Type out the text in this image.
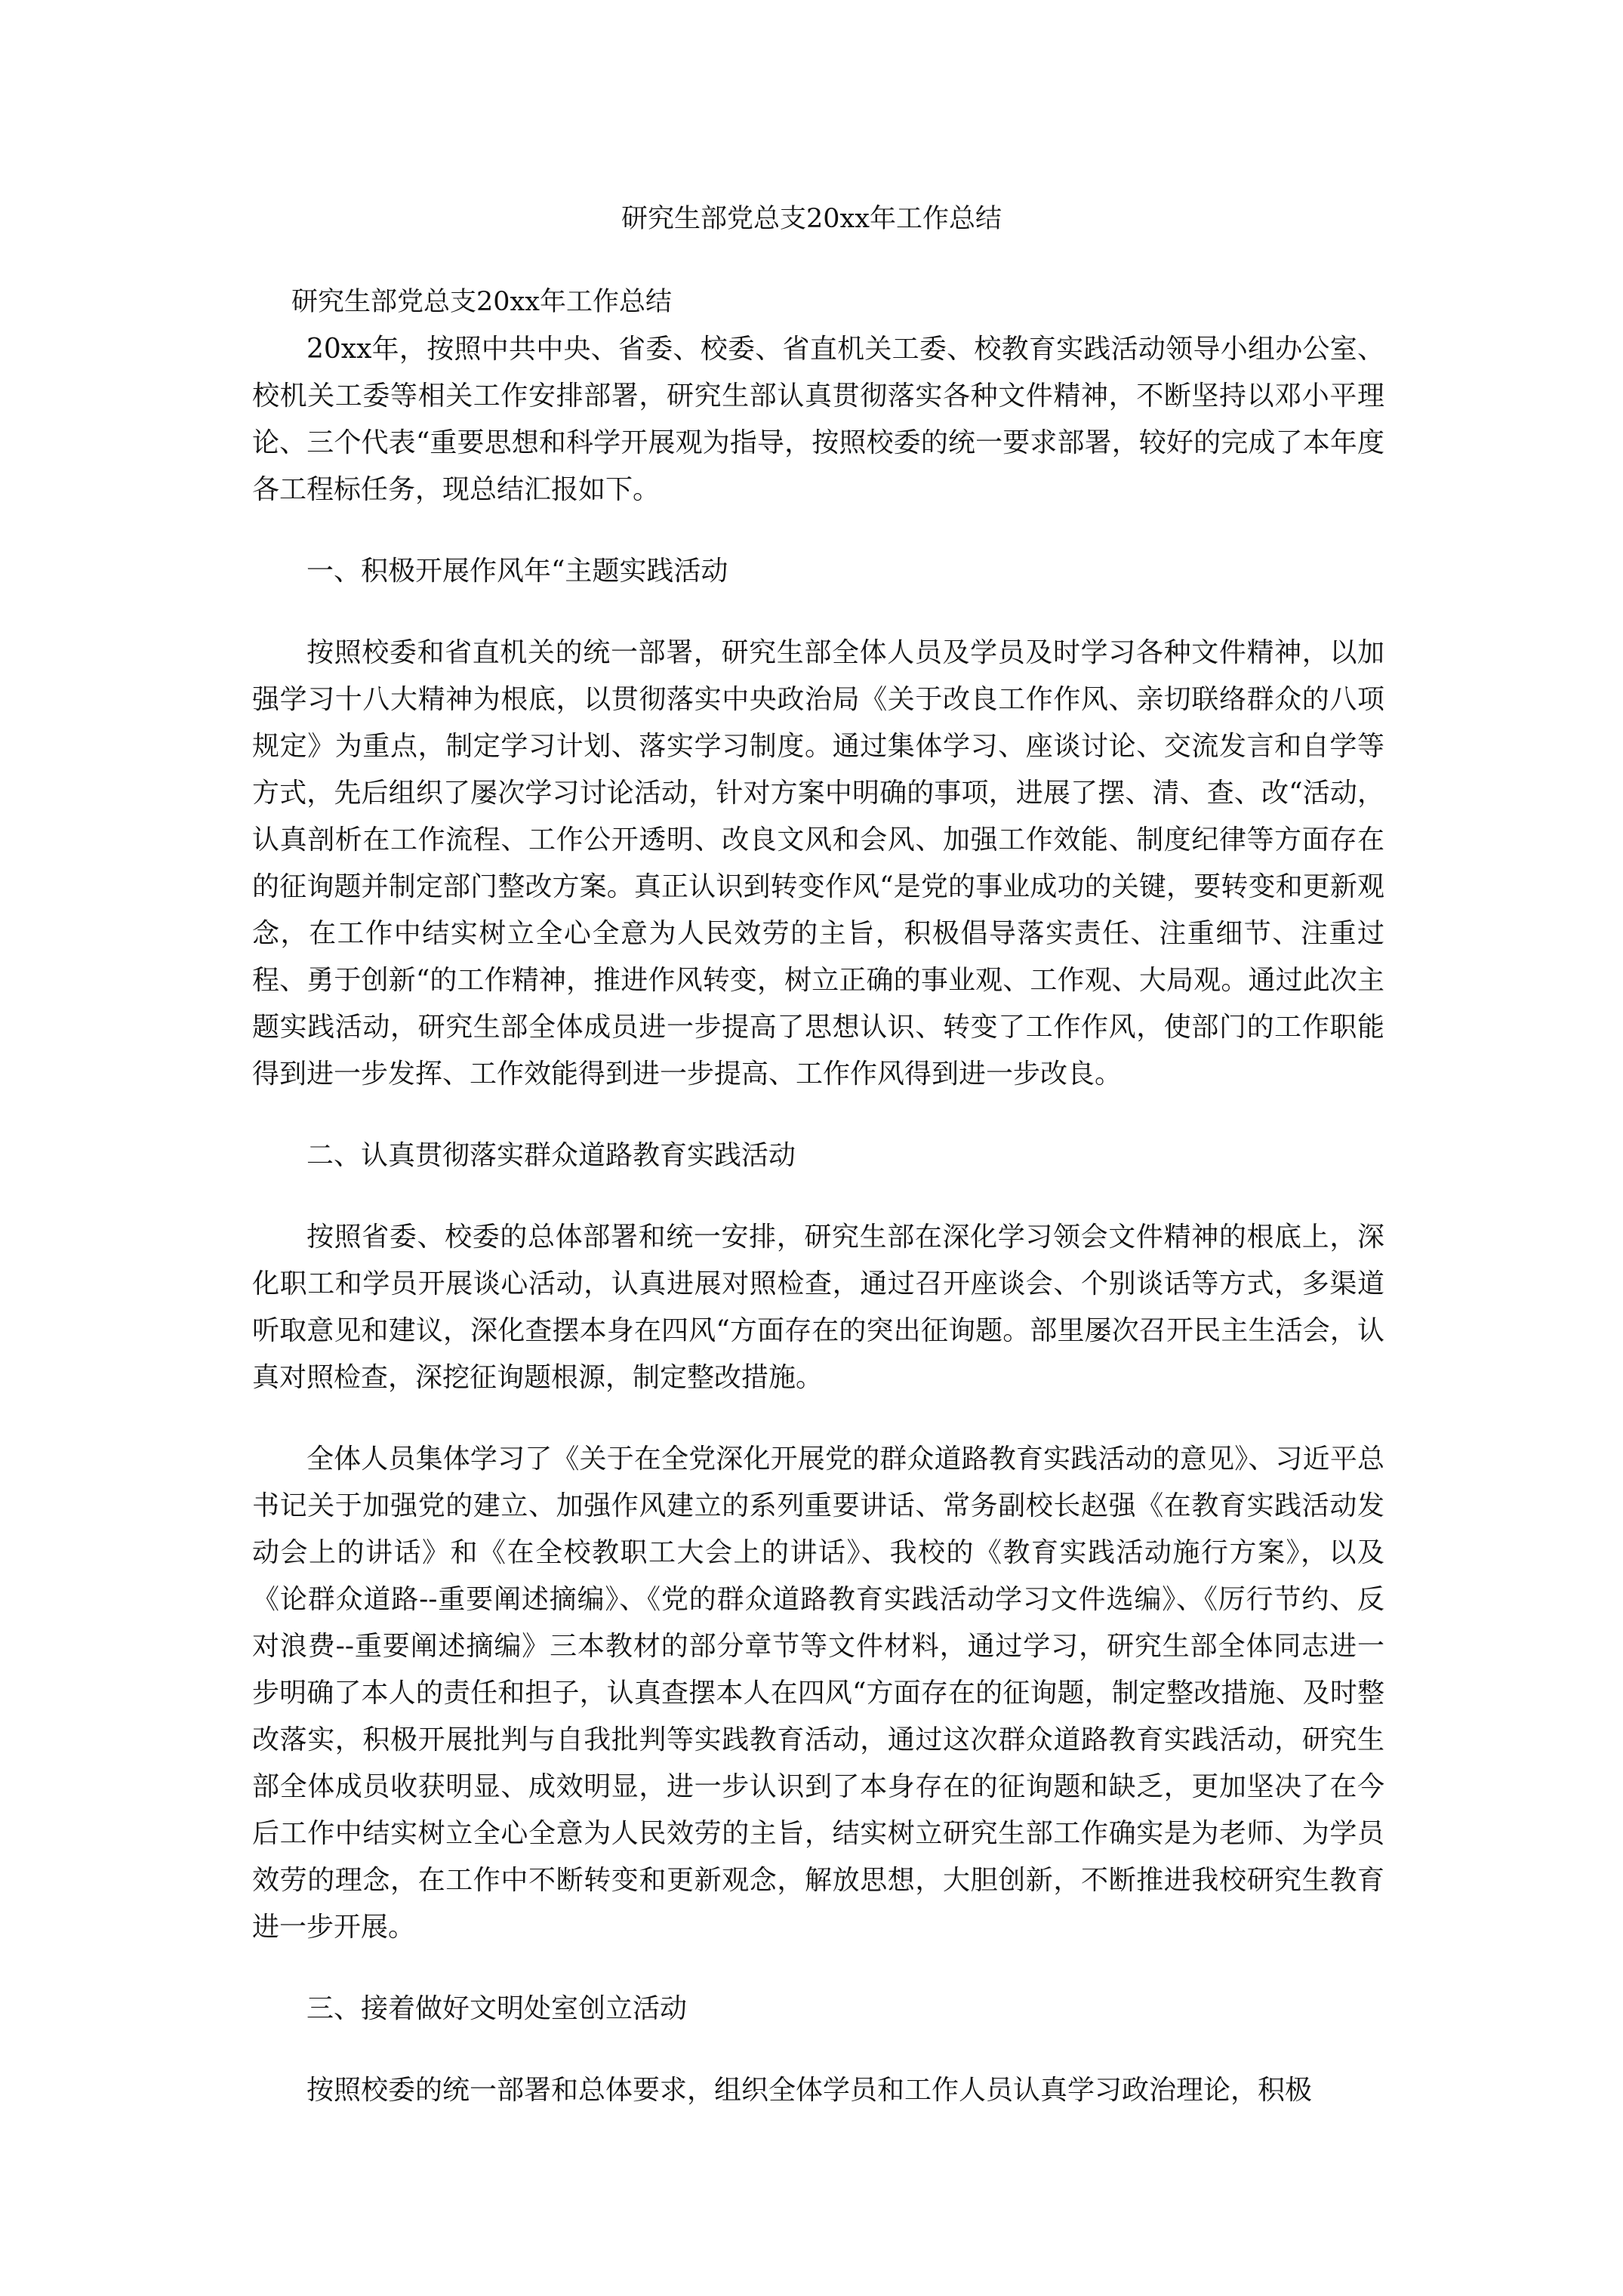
研究生部党总支20xx年工作总结

研究生部党总支20xx年工作总结

20xx年，按照中共中央、省委、校委、省直机关工委、校教育实践活动领导小组办公室、校机关工委等相关工作安排部署，研究生部认真贯彻落实各种文件精神，不断坚持以邓小平理论、三个代表“重要思想和科学开展观为指导，按照校委的统一要求部署，较好的完成了本年度各工程标任务，现总结汇报如下。

一、积极开展作风年“主题实践活动

按照校委和省直机关的统一部署，研究生部全体人员及学员及时学习各种文件精神，以加强学习十八大精神为根底，以贯彻落实中央政治局《关于改良工作作风、亲切联络群众的八项规定》为重点，制定学习计划、落实学习制度。通过集体学习、座谈讨论、交流发言和自学等方式，先后组织了屡次学习讨论活动，针对方案中明确的事项，进展了摆、清、查、改“活动，认真剖析在工作流程、工作公开透明、改良文风和会风、加强工作效能、制度纪律等方面存在的征询题并制定部门整改方案。真正认识到转变作风“是党的事业成功的关键，要转变和更新观念，在工作中结实树立全心全意为人民效劳的主旨，积极倡导落实责任、注重细节、注重过程、勇于创新“的工作精神，推进作风转变，树立正确的事业观、工作观、大局观。通过此次主题实践活动，研究生部全体成员进一步提高了思想认识、转变了工作作风，使部门的工作职能得到进一步发挥、工作效能得到进一步提高、工作作风得到进一步改良。

二、认真贯彻落实群众道路教育实践活动

按照省委、校委的总体部署和统一安排，研究生部在深化学习领会文件精神的根底上，深化职工和学员开展谈心活动，认真进展对照检查，通过召开座谈会、个别谈话等方式，多渠道听取意见和建议，深化查摆本身在四风“方面存在的突出征询题。部里屡次召开民主生活会，认真对照检查，深挖征询题根源，制定整改措施。

全体人员集体学习了《关于在全党深化开展党的群众道路教育实践活动的意见》、习近平总书记关于加强党的建立、加强作风建立的系列重要讲话、常务副校长赵强《在教育实践活动发动会上的讲话》和《在全校教职工大会上的讲话》、我校的《教育实践活动施行方案》，以及《论群众道路--重要阐述摘编》、《党的群众道路教育实践活动学习文件选编》、《厉行节约、反对浪费--重要阐述摘编》三本教材的部分章节等文件材料，通过学习，研究生部全体同志进一步明确了本人的责任和担子，认真查摆本人在四风“方面存在的征询题，制定整改措施、及时整改落实，积极开展批判与自我批判等实践教育活动，通过这次群众道路教育实践活动，研究生部全体成员收获明显、成效明显，进一步认识到了本身存在的征询题和缺乏，更加坚决了在今后工作中结实树立全心全意为人民效劳的主旨，结实树立研究生部工作确实是为老师、为学员效劳的理念，在工作中不断转变和更新观念，解放思想，大胆创新，不断推进我校研究生教育进一步开展。

三、接着做好文明处室创立活动

按照校委的统一部署和总体要求，组织全体学员和工作人员认真学习政治理论，积极
